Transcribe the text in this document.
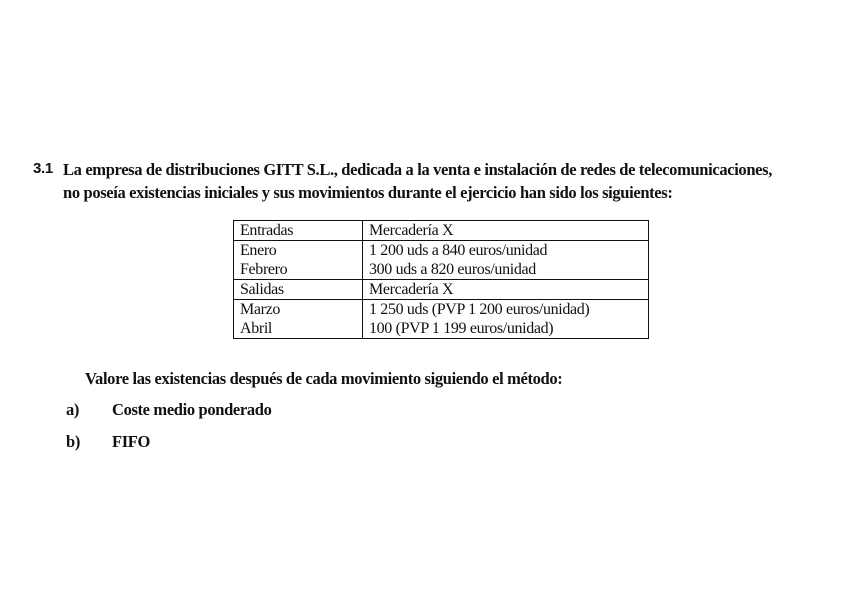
3.1 La empresa de distribuciones GITT S.L., dedicada a la venta e instalación de redes de telecomunicaciones,
no poseía existencias iniciales y sus movimientos durante el ejercicio han sido los siguientes:
Entradas	Mercadería X
Enero	1 200 uds a 840 euros/unidad
Febrero	300 uds a 820 euros/unidad
Salidas	Mercadería X
Marzo	1 250 uds (PVP 1 200 euros/unidad)
Abril	100 (PVP 1 199 euros/unidad)
Valore las existencias después de cada movimiento siguiendo el método:
a) Coste medio ponderado
b) FIFO
